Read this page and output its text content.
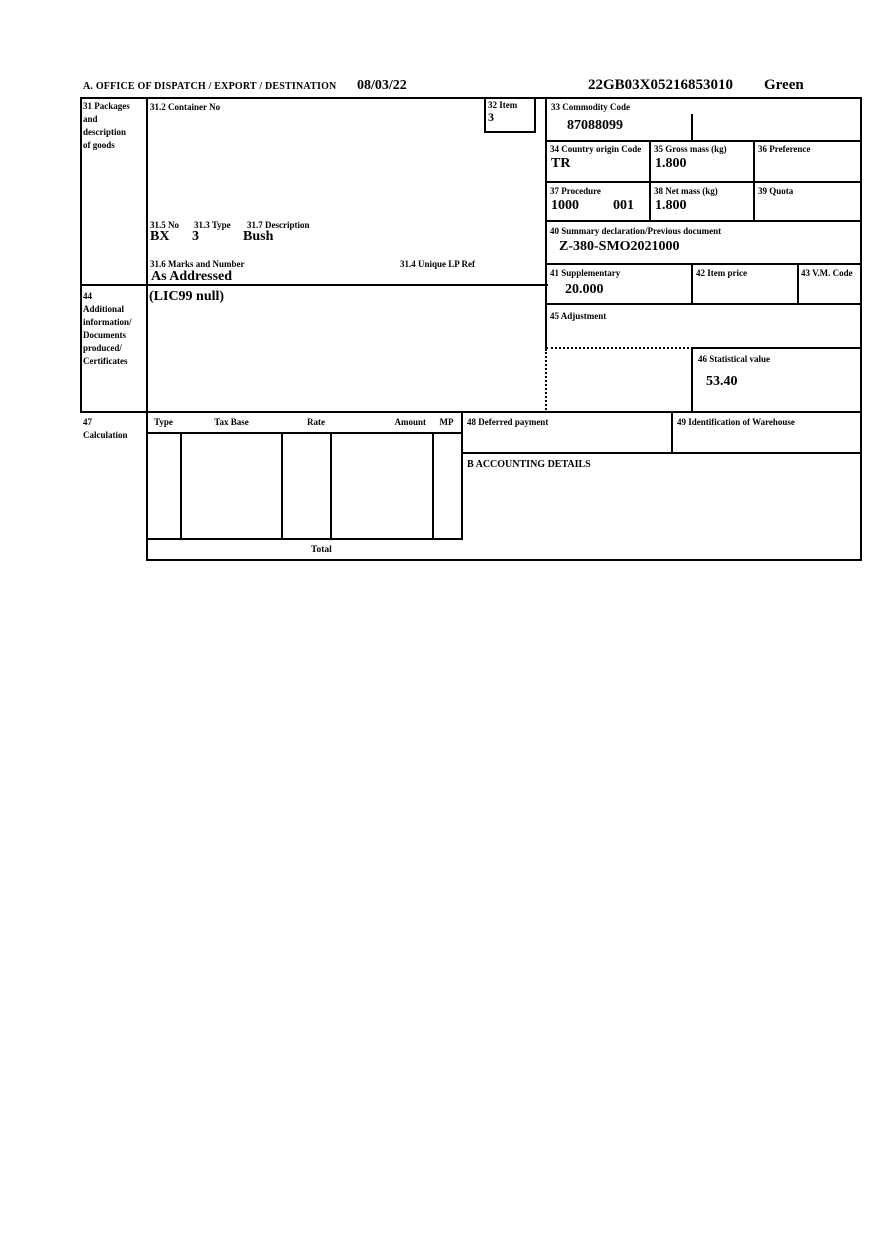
A. OFFICE OF DISPATCH / EXPORT / DESTINATION 08/03/22	22GB03X05216853010 Green
31 Packages
and
description
of goods
31.2 Container No	32 Item
3
31.5 No 31.3 Type 31.7 Description
BX 3	Bush
31.6 Marks and Number	31.4 Unique LP Ref
As Addressed
33 Commodity Code
87088099
34 Country origin Code
TR
35 Gross mass (kg)
1.800
36 Preference
37 Procedure
1000 001
38 Net mass (kg)
1.800
39 Quota
40 Summary declaration/Previous document
Z-380-SMO2021000
41 Supplementary
20.000
42 Item price	43 V.M. Code
44
Additional
information/
Documents
produced/
Certificates
(LIC99 null)
45 Adjustment
46 Statistical value
53.40
47
Calculation
Type	Tax Base	Rate	Amount	MP
Total
48 Deferred payment	49 Identification of Warehouse
B ACCOUNTING DETAILS
